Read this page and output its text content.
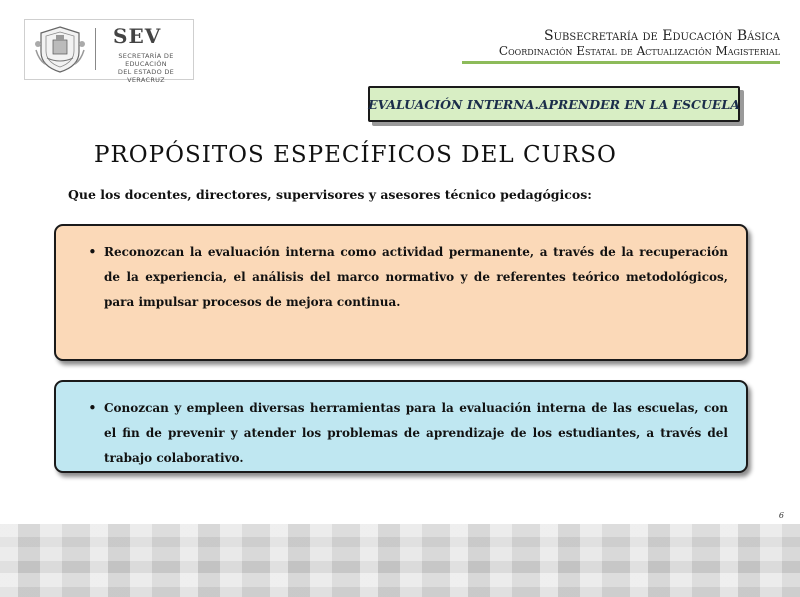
SEV
SECRETARÍA DE EDUCACIÓN
DEL ESTADO DE VERACRUZ
Subsecretaría de Educación Básica
Coordinación Estatal de Actualización Magisterial
EVALUACIÓN INTERNA. APRENDER EN LA ESCUELA
PROPÓSITOS ESPECÍFICOS DEL CURSO
Que los docentes, directores, supervisores y asesores técnico pedagógicos:
• Reconozcan la evaluación interna como actividad permanente, a través de la recuperación de la experiencia, el análisis del marco normativo y de referentes teórico metodológicos, para impulsar procesos de mejora continua.
• Conozcan y empleen diversas herramientas para la evaluación interna de las escuelas, con el fin de prevenir y atender los problemas de aprendizaje de los estudiantes, a través del trabajo colaborativo.
6
